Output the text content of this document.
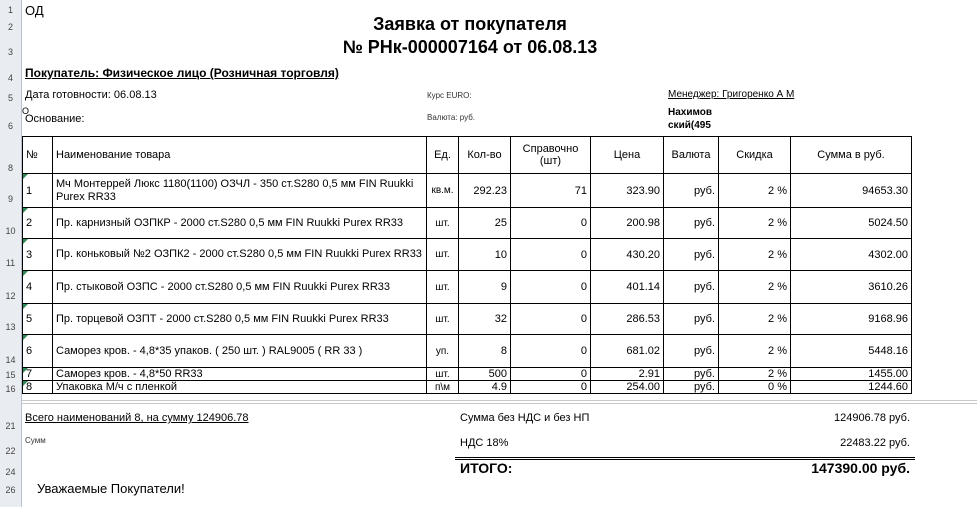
1
2
3
4
5
6
8
9
10
11
12
13
14
15
16
21
22
24
26
ОД
Заявка от покупателя
№ РНк-000007164 от 06.08.13
Покупатель: Физическое лицо (Розничная торговля)
Дата готовности: 06.08.13	Курс EURO:	Менеджер: Григоренко А М
О
Основание:	Валюта: руб.	Нахимов ский(495
№	Наименование товара	Ед.	Кол-во	Справочно (шт)	Цена	Валюта	Скидка	Сумма в руб.
1	Мч Монтеррей Люкс 1180(1100) ОЗЧЛ - 350 ст.S280 0,5 мм FIN Ruukki Purex RR33	кв.м.	292.23	71	323.90	руб.	2 %	94653.30
2	Пр. карнизный ОЗПКР - 2000 ст.S280 0,5 мм FIN Ruukki Purex RR33	шт.	25	0	200.98	руб.	2 %	5024.50
3	Пр. коньковый №2 ОЗПК2 - 2000 ст.S280 0,5 мм FIN Ruukki Purex RR33	шт.	10	0	430.20	руб.	2 %	4302.00
4	Пр. стыковой ОЗПС - 2000 ст.S280 0,5 мм FIN Ruukki Purex RR33	шт.	9	0	401.14	руб.	2 %	3610.26
5	Пр. торцевой ОЗПТ - 2000 ст.S280 0,5 мм FIN Ruukki Purex RR33	шт.	32	0	286.53	руб.	2 %	9168.96
6	Саморез кров. - 4,8*35 упаков. ( 250 шт. ) RAL9005 ( RR 33 )	уп.	8	0	681.02	руб.	2 %	5448.16
7	Саморез кров. - 4,8*50 RR33	шт.	500	0	2.91	руб.	2 %	1455.00
8	Упаковка М/ч с пленкой	п\м	4.9	0	254.00	руб.	0 %	1244.60
Всего наименований 8, на сумму 124906.78
Сумм
Сумма без НДС и без НП	124906.78 руб.
НДС 18%	22483.22 руб.
ИТОГО:	147390.00 руб.
Уважаемые Покупатели!
